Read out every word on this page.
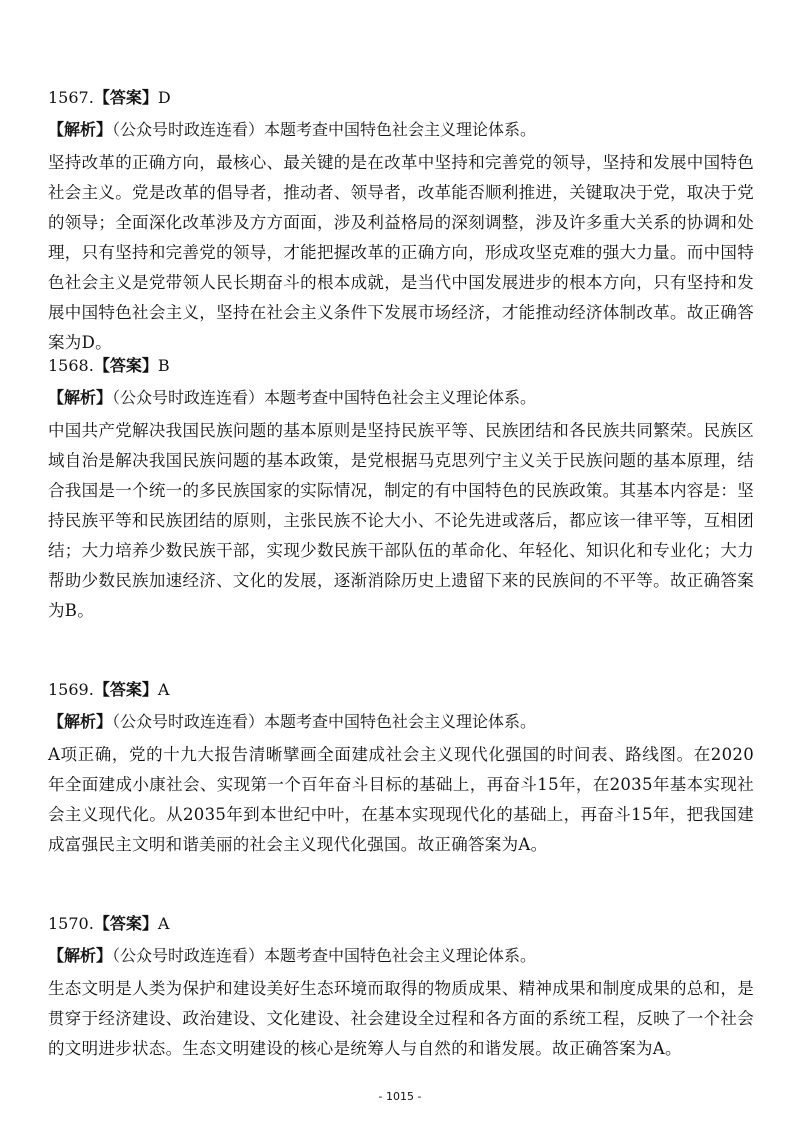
1567.【答案】D
【解析】（公众号时政连连看）本题考查中国特色社会主义理论体系。
坚持改革的正确方向，最核心、最关键的是在改革中坚持和完善党的领导，坚持和发展中国特色社会主义。党是改革的倡导者，推动者、领导者，改革能否顺利推进，关键取决于党，取决于党的领导；全面深化改革涉及方方面面，涉及利益格局的深刻调整，涉及许多重大关系的协调和处理，只有坚持和完善党的领导，才能把握改革的正确方向，形成攻坚克难的强大力量。而中国特色社会主义是党带领人民长期奋斗的根本成就，是当代中国发展进步的根本方向，只有坚持和发展中国特色社会主义，坚持在社会主义条件下发展市场经济，才能推动经济体制改革。故正确答案为D。
1568.【答案】B
【解析】（公众号时政连连看）本题考查中国特色社会主义理论体系。
中国共产党解决我国民族问题的基本原则是坚持民族平等、民族团结和各民族共同繁荣。民族区域自治是解决我国民族问题的基本政策，是党根据马克思列宁主义关于民族问题的基本原理，结合我国是一个统一的多民族国家的实际情况，制定的有中国特色的民族政策。其基本内容是：坚持民族平等和民族团结的原则，主张民族不论大小、不论先进或落后，都应该一律平等，互相团结；大力培养少数民族干部，实现少数民族干部队伍的革命化、年轻化、知识化和专业化；大力帮助少数民族加速经济、文化的发展，逐渐消除历史上遗留下来的民族间的不平等。故正确答案为B。
1569.【答案】A
【解析】（公众号时政连连看）本题考查中国特色社会主义理论体系。
A项正确，党的十九大报告清晰擘画全面建成社会主义现代化强国的时间表、路线图。在2020年全面建成小康社会、实现第一个百年奋斗目标的基础上，再奋斗15年，在2035年基本实现社会主义现代化。从2035年到本世纪中叶，在基本实现现代化的基础上，再奋斗15年，把我国建成富强民主文明和谐美丽的社会主义现代化强国。故正确答案为A。
1570.【答案】A
【解析】（公众号时政连连看）本题考查中国特色社会主义理论体系。
生态文明是人类为保护和建设美好生态环境而取得的物质成果、精神成果和制度成果的总和，是贯穿于经济建设、政治建设、文化建设、社会建设全过程和各方面的系统工程，反映了一个社会的文明进步状态。生态文明建设的核心是统筹人与自然的和谐发展。故正确答案为A。
- 1015 -
